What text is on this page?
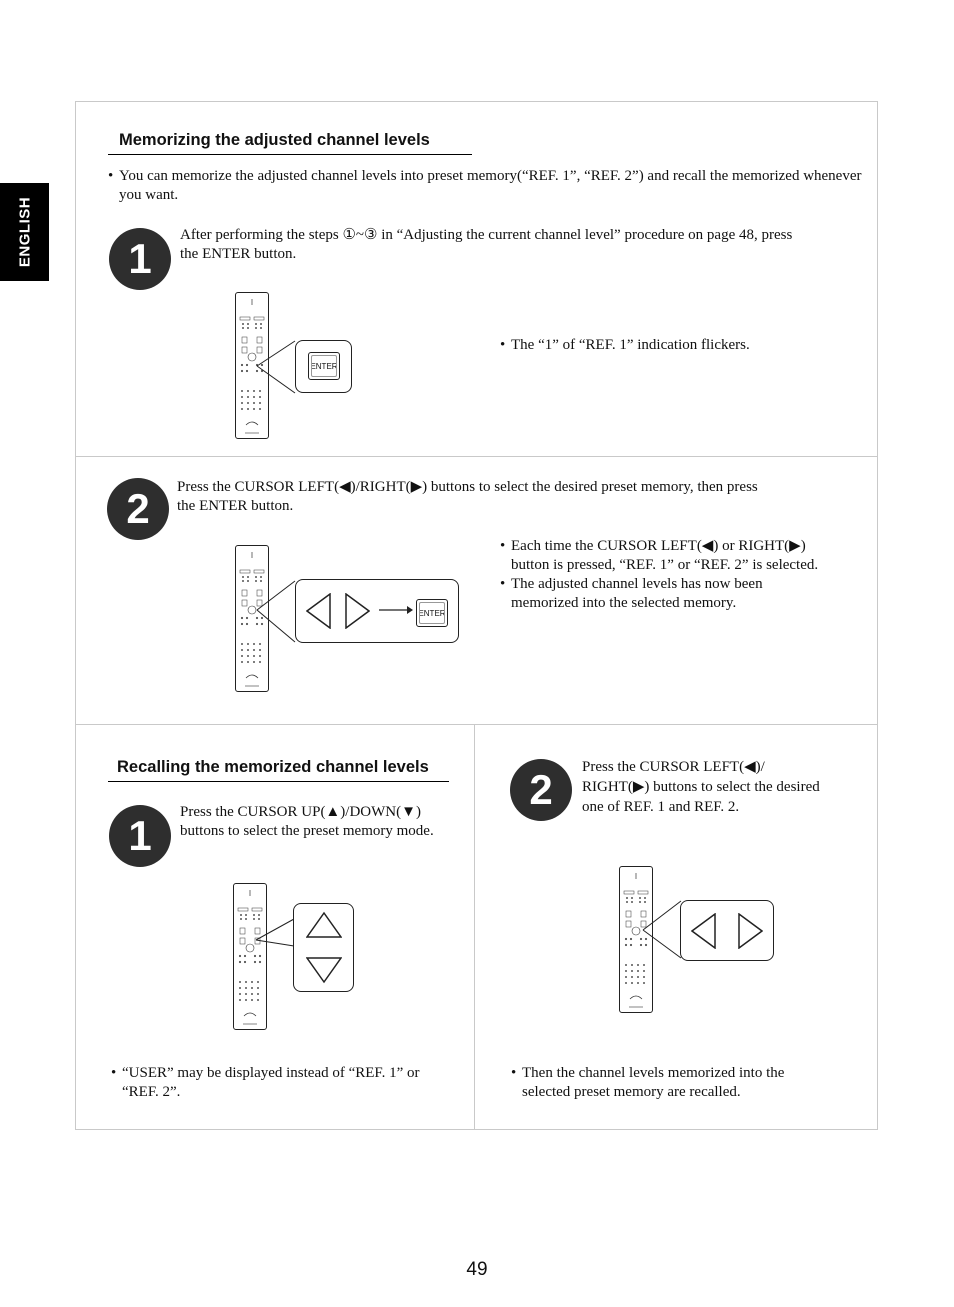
ENGLISH
Memorizing the adjusted channel levels
• You can memorize the adjusted channel levels into preset memory(“REF. 1”, “REF. 2”) and recall the memorized whenever you want.
1	After performing the steps ①~③ in “Adjusting the current channel level” procedure on page 48, press
the ENTER button.
ENTER
• The “1” of “REF. 1” indication flickers.
2	Press the CURSOR LEFT(◀)/RIGHT(▶) buttons to select the desired preset memory, then press
the ENTER button.
ENTER
• Each time the CURSOR LEFT(◀) or RIGHT(▶)
button is pressed, “REF. 1” or “REF. 2” is selected.
• The adjusted channel levels has now been
memorized into the selected memory.
Recalling the memorized channel levels
1	Press the CURSOR UP(▲)/DOWN(▼)
buttons to select the preset memory mode.
• “USER” may be displayed instead of “REF. 1” or
“REF. 2”.
2	Press the CURSOR LEFT(◀)/
RIGHT(▶) buttons to select the desired
one of REF. 1 and REF. 2.
• Then the channel levels memorized into the
selected preset memory are recalled.
49
